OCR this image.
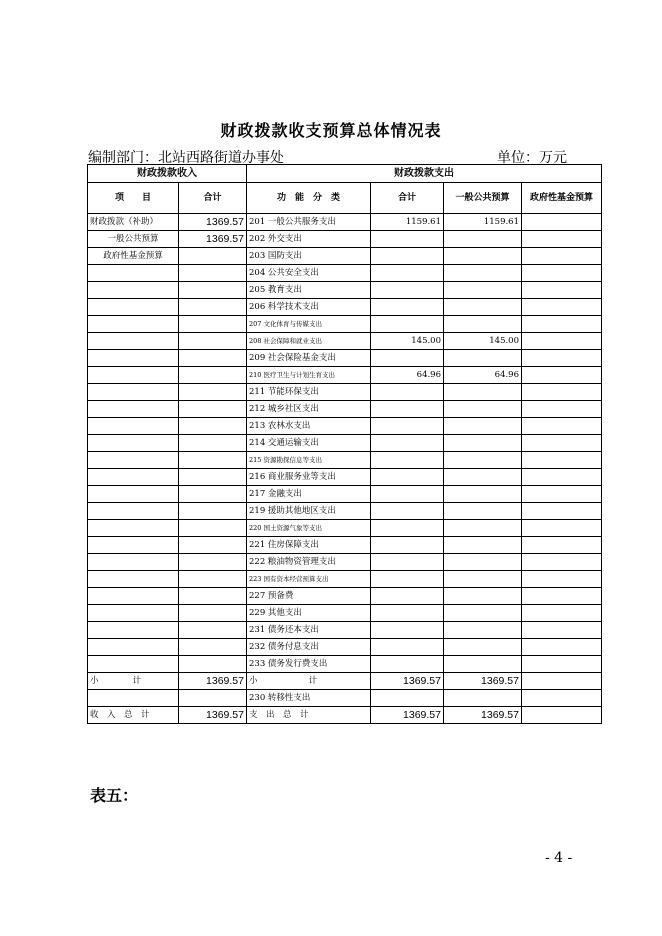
财政拨款收支预算总体情况表
编制部门：北站西路街道办事处	单位：万元
财政拨款收入		财政拨款支出			
项　　目	合计	功　能　分　类	合计	一般公共预算	政府性基金预算
财政拨款（补助）	1369.57	201 一般公共服务支出	1159.61	1159.61	
一般公共预算	1369.57	202 外交支出			
政府性基金预算		203 国防支出			
		204 公共安全支出			
		205 教育支出			
		206 科学技术支出			
		207 文化体育与传媒支出			
		208 社会保障和就业支出	145.00	145.00	
		209 社会保险基金支出			
		210 医疗卫生与计划生育支出	64.96	64.96	
		211 节能环保支出			
		212 城乡社区支出			
		213 农林水支出			
		214 交通运输支出			
		215 资源勘探信息等支出			
		216 商业服务业等支出			
		217 金融支出			
		219 援助其他地区支出			
		220 国土资源气象等支出			
		221 住房保障支出			
		222 粮油物资管理支出			
		223 国有资本经营预算支出			
		227 预备费			
		229 其他支出			
		231 债务还本支出			
		232 债务付息支出			
		233 债务发行费支出			
小　　　　计	1369.57	小　　　　　　计	1369.57	1369.57	
		230 转移性支出			
收　入　总　计	1369.57	支　出　总　计	1369.57	1369.57	
表五：
- 4 -
